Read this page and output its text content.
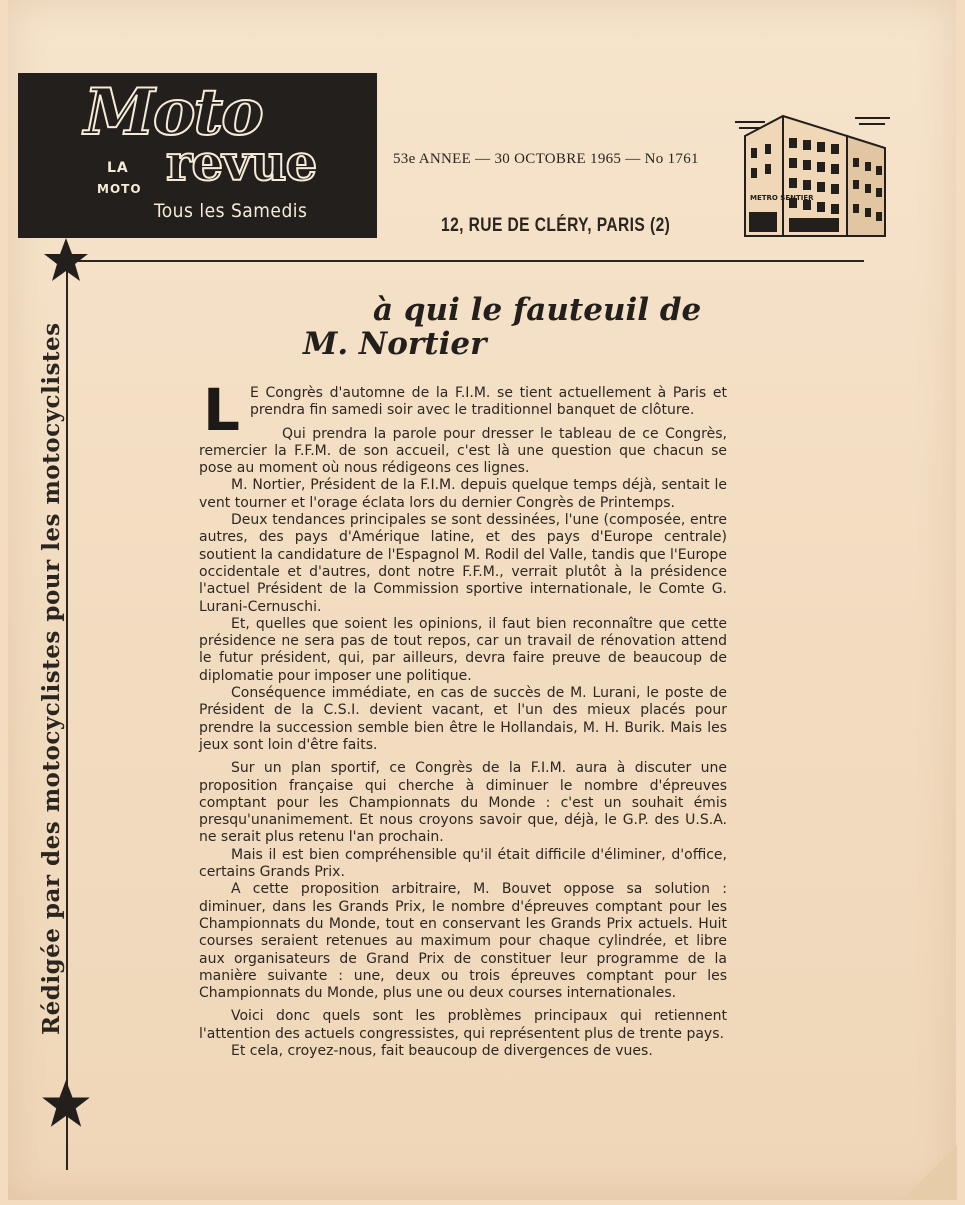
Moto
LA
MOTO revue
Tous les Samedis
53e ANNEE — 30 OCTOBRE 1965 — No 1761
12, RUE DE CLÉRY, PARIS (2)
METRO SENTIER
Rédigée par des motocyclistes pour les motocyclistes
à qui le fauteuil de
M. Nortier

L E Congrès d'automne de la F.I.M. se tient actuellement à Paris et prendra fin samedi soir avec le traditionnel banquet de clôture.

Qui prendra la parole pour dresser le tableau de ce Congrès, remercier la F.F.M. de son accueil, c'est là une question que chacun se pose au moment où nous rédigeons ces lignes.

M. Nortier, Président de la F.I.M. depuis quelque temps déjà, sentait le vent tourner et l'orage éclata lors du dernier Congrès de Printemps.

Deux tendances principales se sont dessinées, l'une (composée, entre autres, des pays d'Amérique latine, et des pays d'Europe centrale) soutient la candidature de l'Espagnol M. Rodil del Valle, tandis que l'Europe occidentale et d'autres, dont notre F.F.M., verrait plutôt à la présidence l'actuel Président de la Commission sportive internationale, le Comte G. Lurani-Cernuschi.

Et, quelles que soient les opinions, il faut bien reconnaître que cette présidence ne sera pas de tout repos, car un travail de rénovation attend le futur président, qui, par ailleurs, devra faire preuve de beaucoup de diplomatie pour imposer une politique.

Conséquence immédiate, en cas de succès de M. Lurani, le poste de Président de la C.S.I. devient vacant, et l'un des mieux placés pour prendre la succession semble bien être le Hollandais, M. H. Burik. Mais les jeux sont loin d'être faits.

Sur un plan sportif, ce Congrès de la F.I.M. aura à discuter une proposition française qui cherche à diminuer le nombre d'épreuves comptant pour les Championnats du Monde : c'est un souhait émis presqu'unanimement. Et nous croyons savoir que, déjà, le G.P. des U.S.A. ne serait plus retenu l'an prochain.

Mais il est bien compréhensible qu'il était difficile d'éliminer, d'office, certains Grands Prix.

A cette proposition arbitraire, M. Bouvet oppose sa solution : diminuer, dans les Grands Prix, le nombre d'épreuves comptant pour les Championnats du Monde, tout en conservant les Grands Prix actuels. Huit courses seraient retenues au maximum pour chaque cylindrée, et libre aux organisateurs de Grand Prix de constituer leur programme de la manière suivante : une, deux ou trois épreuves comptant pour les Championnats du Monde, plus une ou deux courses internationales.

Voici donc quels sont les problèmes principaux qui retiennent l'attention des actuels congressistes, qui représentent plus de trente pays.

Et cela, croyez-nous, fait beaucoup de divergences de vues.
